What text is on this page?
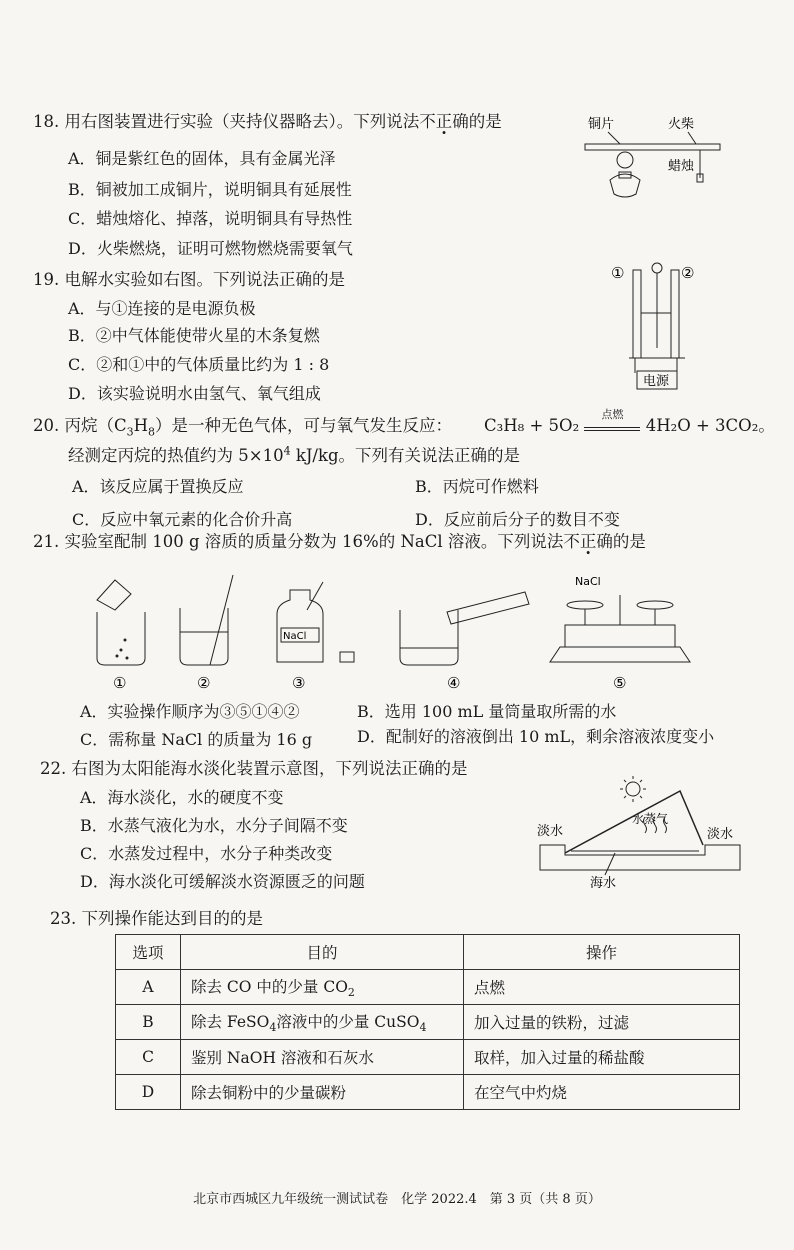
18. 用右图装置进行实验（夹持仪器略去）。下列说法不正确的是
A．铜是紫红色的固体，具有金属光泽
B．铜被加工成铜片，说明铜具有延展性
C．蜡烛熔化、掉落，说明铜具有导热性
D．火柴燃烧，证明可燃物燃烧需要氧气
铜片	火柴
蜡烛
19. 电解水实验如右图。下列说法正确的是
A．与①连接的是电源负极
B．②中气体能使带火星的木条复燃
C．②和①中的气体质量比约为 1 : 8
D．该实验说明水由氢气、氧气组成
①	②
电源
20. 丙烷$(C_3H_8)$是一种无色气体，可与氧气发生反应： C₃H₈ + 5O₂
点燃
4H₂O + 3CO₂。
经测定丙烷的热值约为 $5\times 10^4$ kJ/kg。下列有关说法正确的是
A．该反应属于置换反应	B．丙烷可作燃料
C．反应中氧元素的化合价升高	D．反应前后分子的数目不变
21. 实验室配制 100 g 溶质的质量分数为 16%的 NaCl 溶液。下列说法不正确的是
①	②
NaCl
③	④
NaCl
⑤
A．实验操作顺序为③⑤①④②	B．选用 100 mL 量筒量取所需的水
C．需称量 NaCl 的质量为 16 g	D．配制好的溶液倒出 10 mL，剩余溶液浓度变小
22. 右图为太阳能海水淡化装置示意图，下列说法正确的是
A．海水淡化，水的硬度不变
B．水蒸气液化为水，水分子间隔不变
C．水蒸发过程中，水分子种类改变
D．海水淡化可缓解淡水资源匮乏的问题
淡水
水蒸气
淡水
海水
23. 下列操作能达到目的的是
选项	目的	操作
A	除去 CO 中的少量 $CO_2$	点燃
B	除去 FeSO$_4$溶液中的少量 CuSO$_4$	加入过量的铁粉，过滤
C	鉴别 NaOH 溶液和石灰水	取样，加入过量的稀盐酸
D	除去铜粉中的少量碳粉	在空气中灼烧
北京市西城区九年级统一测试试卷　化学 2022.4　第 3 页（共 8 页）
